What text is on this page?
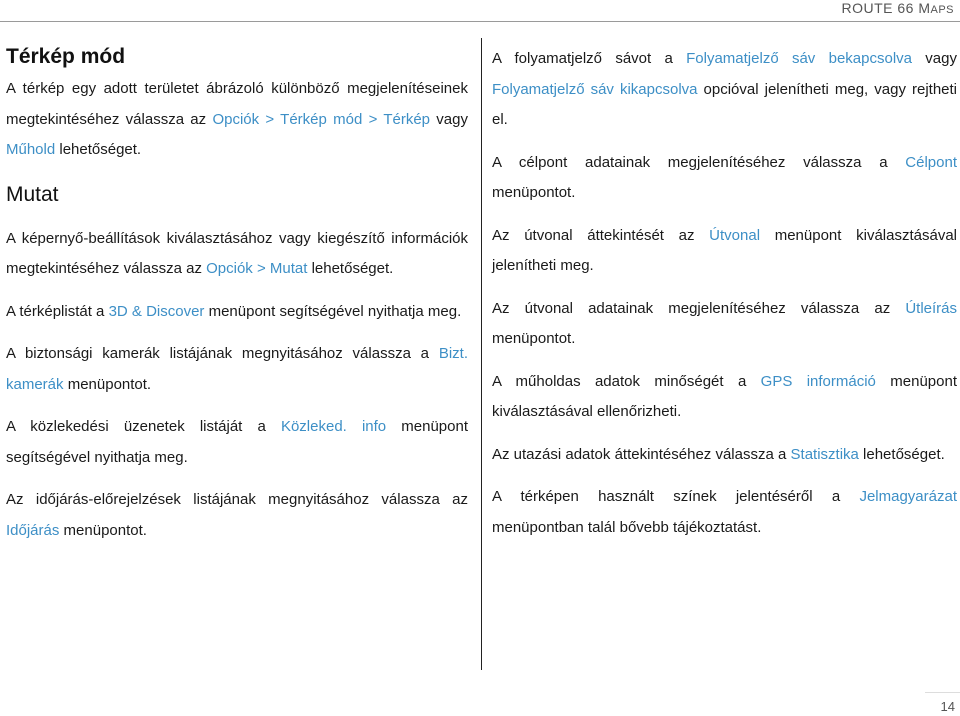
ROUTE 66 MAPS
Térkép mód

A térkép egy adott területet ábrázoló különböző megjelenítéseinek megtekintéséhez válassza az Opciók > Térkép mód > Térkép vagy Műhold lehetőséget.

Mutat

A képernyő-beállítások kiválasztásához vagy kiegészítő információk megtekintéséhez válassza az Opciók > Mutat lehetőséget.

A térképlistát a 3D & Discover menüpont segítségével nyithatja meg.

A biztonsági kamerák listájának megnyitásához válassza a Bizt. kamerák menüpontot.

A közlekedési üzenetek listáját a Közleked. info menüpont segítségével nyithatja meg.

Az időjárás-előrejelzések listájának megnyitásához válassza az Időjárás menüpontot.

A folyamatjelző sávot a Folyamatjelző sáv bekapcsolva vagy Folyamatjelző sáv kikapcsolva opcióval jelenítheti meg, vagy rejtheti el.

A célpont adatainak megjelenítéséhez válassza a Célpont menüpontot.

Az útvonal áttekintését az Útvonal menüpont kiválasztásával jelenítheti meg.

Az útvonal adatainak megjelenítéséhez válassza az Útleírás menüpontot.

A műholdas adatok minőségét a GPS információ menüpont kiválasztásával ellenőrizheti.

Az utazási adatok áttekintéséhez válassza a Statisztika lehetőséget.

A térképen használt színek jelentéséről a Jelmagyarázat menüpontban talál bővebb tájékoztatást.

14
